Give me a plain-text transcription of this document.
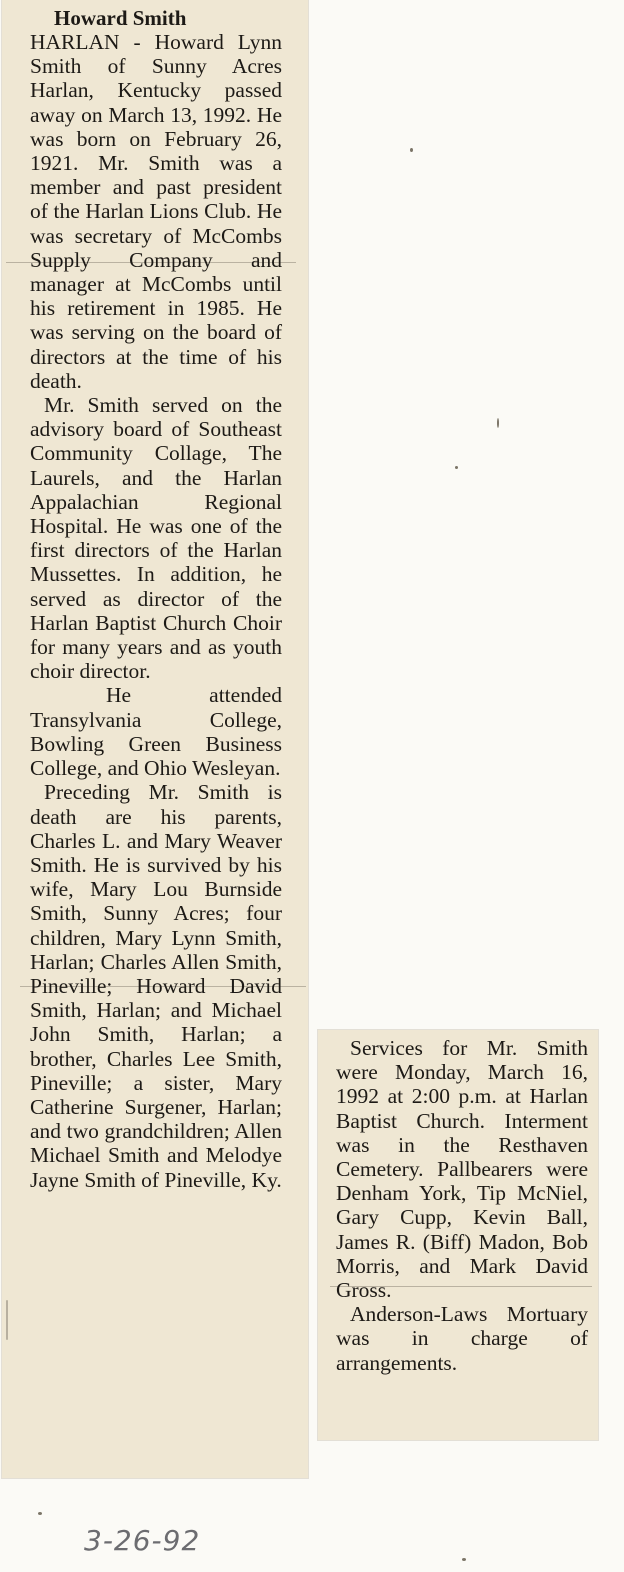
Howard Smith

HARLAN - Howard Lynn Smith of Sunny Acres Harlan, Kentucky passed away on March 13, 1992. He was born on February 26, 1921. Mr. Smith was a member and past president of the Harlan Lions Club. He was secretary of McCombs Supply Company and manager at McCombs until his retirement in 1985. He was serving on the board of directors at the time of his death.

Mr. Smith served on the advisory board of Southeast Community Collage, The Laurels, and the Harlan Appalachian Regional Hospital. He was one of the first directors of the Harlan Mussettes. In addition, he served as director of the Harlan Baptist Church Choir for many years and as youth choir director.

He attended Transylvania College, Bowling Green Business College, and Ohio Wesleyan.

Preceding Mr. Smith is death are his parents, Charles L. and Mary Weaver Smith. He is survived by his wife, Mary Lou Burnside Smith, Sunny Acres; four children, Mary Lynn Smith, Harlan; Charles Allen Smith, Pineville; Howard David Smith, Harlan; and Michael John Smith, Harlan; a brother, Charles Lee Smith, Pineville; a sister, Mary Catherine Surgener, Harlan; and two grandchildren; Allen Michael Smith and Melodye Jayne Smith of Pineville, Ky.

Services for Mr. Smith were Monday, March 16, 1992 at 2:00 p.m. at Harlan Baptist Church. Interment was in the Resthaven Cemetery. Pallbearers were Denham York, Tip McNiel, Gary Cupp, Kevin Ball, James R. (Biff) Madon, Bob Morris, and Mark David Gross.

Anderson-Laws Mortuary was in charge of arrangements.

3-26-92
